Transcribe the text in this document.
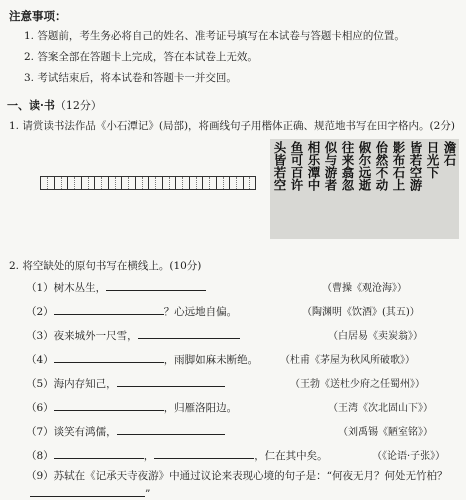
注意事项：
1. 答题前，考生务必将自己的姓名、准考证号填写在本试卷与答题卡相应的位置。
2. 答案全部在答题卡上完成，答在本试卷上无效。
3. 考试结束后，将本试卷和答题卡一并交回。
一、读·书（12分）
1. 请赏读书法作品《小石潭记》(局部)，将画线句子用楷体正确、规范地书写在田字格内。(2分)
澹石
日光下
皆若空游
影布石上
佁然不动
俶尔远逝
往来翕忽
似与游者
相乐潭中
鱼可百许
头皆若空
2. 将空缺处的原句书写在横线上。(10分)
（1）树木丛生，	（曹操《观沧海》）
（2）	？心远地自偏。	（陶渊明《饮酒》(其五)）
（3）夜来城外一尺雪，	（白居易《卖炭翁》）
（4）	，雨脚如麻未断绝。 （杜甫《茅屋为秋风所破歌》）
（5）海内存知己，	（王勃《送杜少府之任蜀州》）
（6）	，归雁洛阳边。	（王湾《次北固山下》）
（7）谈笑有鸿儒，	（刘禹锡《陋室铭》）
（8）	，	，仁在其中矣。	（《论语·子张》）
（9）苏轼在《记承天寺夜游》中通过议论来表现心境的句子是：“何夜无月？何处无竹柏？
”
